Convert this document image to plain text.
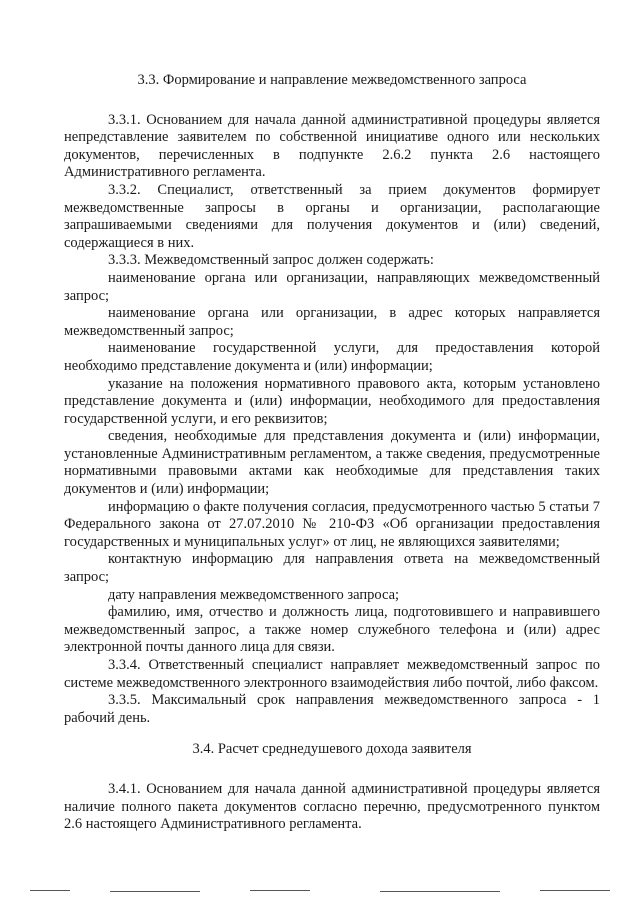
3.3. Формирование и направление межведомственного запроса

3.3.1. Основанием для начала данной административной процедуры является непредставление заявителем по собственной инициативе одного или нескольких документов, перечисленных в подпункте 2.6.2 пункта 2.6 настоящего Административного регламента.

3.3.2. Специалист, ответственный за прием документов формирует межведомственные запросы в органы и организации, располагающие запрашиваемыми сведениями для получения документов и (или) сведений, содержащиеся в них.

3.3.3. Межведомственный запрос должен содержать:

наименование органа или организации, направляющих межведомственный запрос;

наименование органа или организации, в адрес которых направляется межведомственный запрос;

наименование государственной услуги, для предоставления которой необходимо представление документа и (или) информации;

указание на положения нормативного правового акта, которым установлено представление документа и (или) информации, необходимого для предоставления государственной услуги, и его реквизитов;

сведения, необходимые для представления документа и (или) информации, установленные Административным регламентом, а также сведения, предусмотренные нормативными правовыми актами как необходимые для представления таких документов и (или) информации;

информацию о факте получения согласия, предусмотренного частью 5 статьи 7 Федерального закона от 27.07.2010 № 210-ФЗ «Об организации предоставления государственных и муниципальных услуг» от лиц, не являющихся заявителями;

контактную информацию для направления ответа на межведомственный запрос;

дату направления межведомственного запроса;

фамилию, имя, отчество и должность лица, подготовившего и направившего межведомственный запрос, а также номер служебного телефона и (или) адрес электронной почты данного лица для связи.

3.3.4. Ответственный специалист направляет межведомственный запрос по системе межведомственного электронного взаимодействия либо почтой, либо факсом.

3.3.5. Максимальный срок направления межведомственного запроса - 1 рабочий день.

3.4. Расчет среднедушевого дохода заявителя

3.4.1. Основанием для начала данной административной процедуры является наличие полного пакета документов согласно перечню, предусмотренного пунктом 2.6 настоящего Административного регламента.
